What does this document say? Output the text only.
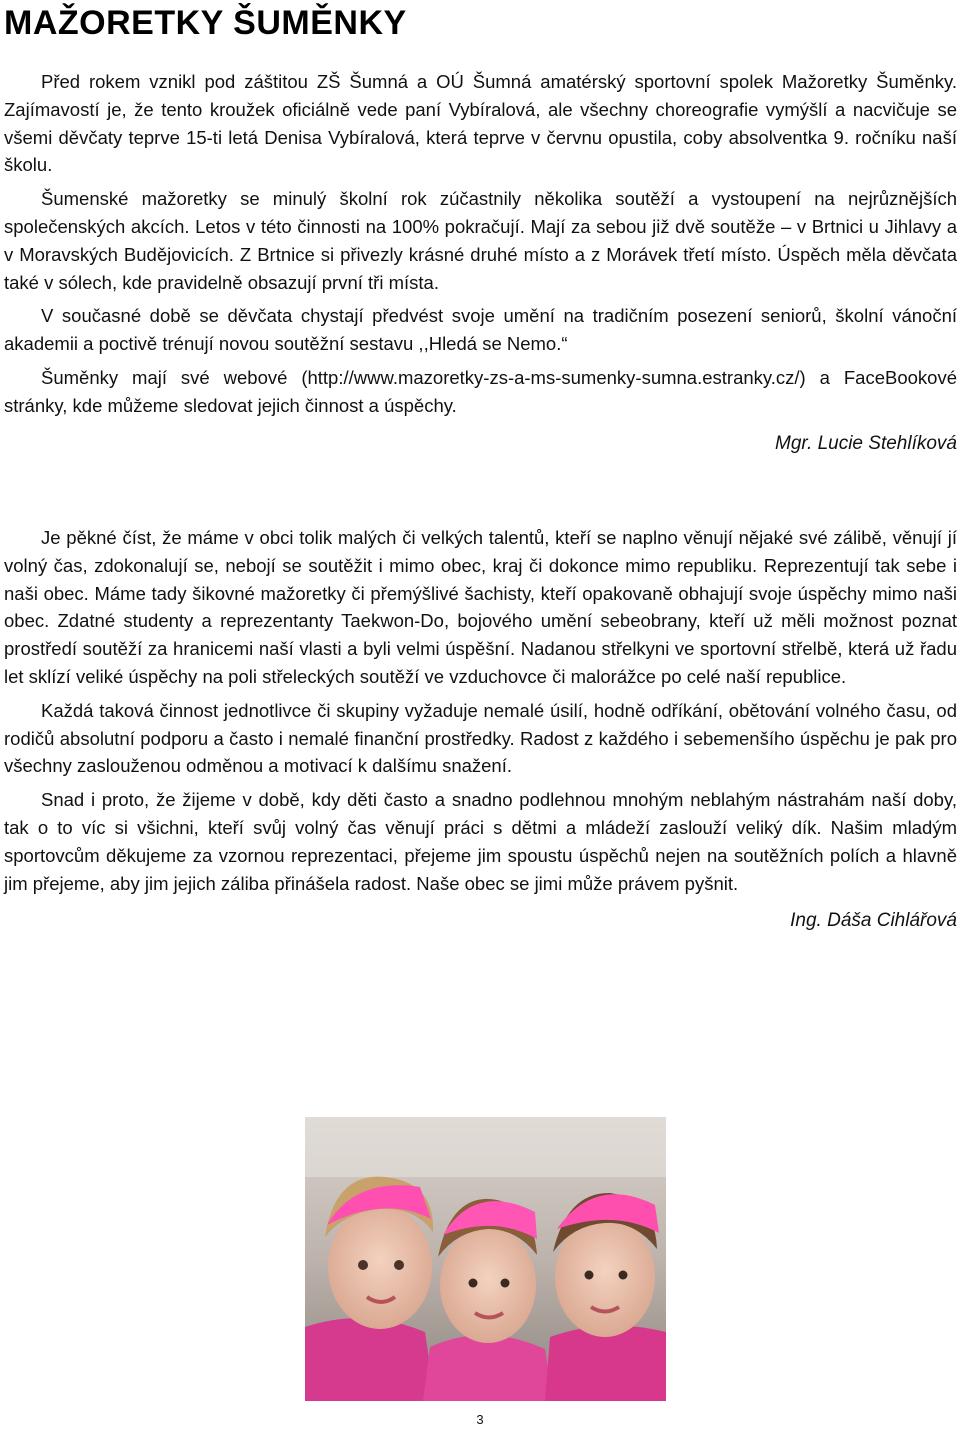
MAŽORETKY ŠUMĚNKY

Před rokem vznikl pod záštitou ZŠ Šumná a OÚ Šumná amatérský sportovní spolek Mažoretky Šuměnky. Zajímavostí je, že tento kroužek oficiálně vede paní Vybíralová, ale všechny choreografie vymýšlí a nacvičuje se všemi děvčaty teprve 15-ti letá Denisa Vybíralová, která teprve v červnu opustila, coby absolventka 9. ročníku naší školu.

Šumenské mažoretky se minulý školní rok zúčastnily několika soutěží a vystoupení na nejrůznějších společenských akcích. Letos v této činnosti na 100% pokračují. Mají za sebou již dvě soutěže – v Brtnici u Jihlavy a v Moravských Budějovicích. Z Brtnice si přivezly krásné druhé místo a z Morávek třetí místo. Úspěch měla děvčata také v sólech, kde pravidelně obsazují první tři místa.

V současné době se děvčata chystají předvést svoje umění na tradičním posezení seniorů, školní vánoční akademii a poctivě trénují novou soutěžní sestavu ,,Hledá se Nemo.“

Šuměnky mají své webové (http://www.mazoretky-zs-a-ms-sumenky-sumna.estranky.cz/) a FaceBookové stránky, kde můžeme sledovat jejich činnost a úspěchy.

Mgr. Lucie Stehlíková

Je pěkné číst, že máme v obci tolik malých či velkých talentů, kteří se naplno věnují nějaké své zálibě, věnují jí volný čas, zdokonalují se, nebojí se soutěžit i mimo obec, kraj či dokonce mimo republiku. Reprezentují tak sebe i naši obec. Máme tady šikovné mažoretky či přemýšlivé šachisty, kteří opakovaně obhajují svoje úspěchy mimo naši obec. Zdatné studenty a reprezentanty Taekwon-Do, bojového umění sebeobrany, kteří už měli možnost poznat prostředí soutěží za hranicemi naší vlasti a byli velmi úspěšní. Nadanou střelkyni ve sportovní střelbě, která už řadu let sklízí veliké úspěchy na poli střeleckých soutěží ve vzduchovce či malorážce po celé naší republice.

Každá taková činnost jednotlivce či skupiny vyžaduje nemalé úsilí, hodně odříkání, obětování volného času, od rodičů absolutní podporu a často i nemalé finanční prostředky. Radost z každého i sebemenšího úspěchu je pak pro všechny zaslouženou odměnou a motivací k dalšímu snažení.

Snad i proto, že žijeme v době, kdy děti často a snadno podlehnou mnohým neblahým nástrahám naší doby, tak o to víc si všichni, kteří svůj volný čas věnují práci s dětmi a mládeží zaslouží veliký dík. Našim mladým sportovcům děkujeme za vzornou reprezentaci, přejeme jim spoustu úspěchů nejen na soutěžních polích a hlavně jim přejeme, aby jim jejich záliba přinášela radost. Naše obec se jimi může právem pyšnit.

Ing. Dáša Cihlářová
3
